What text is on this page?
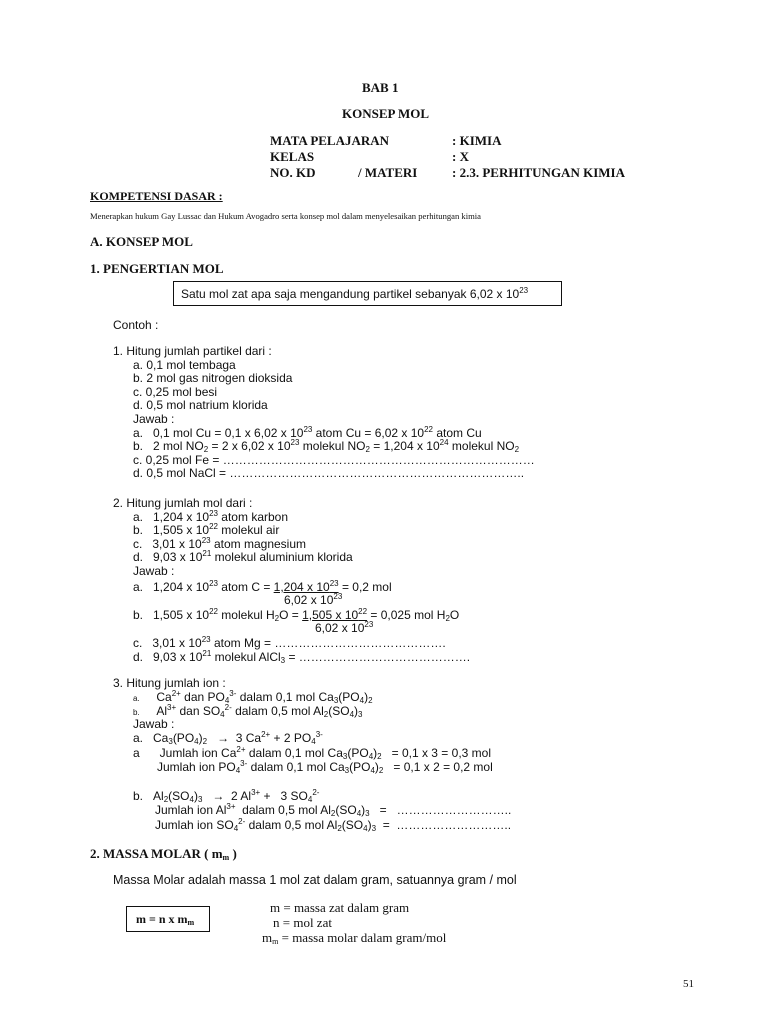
BAB 1
KONSEP MOL
MATA PELAJARAN	: KIMIA
KELAS	: X
NO. KD	/ MATERI	: 2.3. PERHITUNGAN KIMIA
KOMPETENSI DASAR :
Menerapkan hukum Gay Lussac dan Hukum Avogadro serta konsep mol dalam menyelesaikan perhitungan kimia
A. KONSEP MOL
1. PENGERTIAN MOL
Satu mol zat apa saja mengandung partikel sebanyak 6,02 x $10^{23}$
Contoh :
1. Hitung jumlah partikel dari :
a. 0,1 mol tembaga
b. 2 mol gas nitrogen dioksida
c. 0,25 mol besi
d. 0,5 mol natrium klorida
Jawab :
a.   0,1 mol Cu = 0,1 x 6,02 x $10^{23}$ atom Cu = 6,02 x $10^{22}$ atom Cu
b.   2 mol $NO_2 = 2$ x 6,02 x $10^{23}$ molekul $NO_2 = 1,204$ x $10^{24}$ molekul $NO_2$
c. 0,25 mol Fe = ……………………………………………………………………
d. 0,5 mol NaCl = ………………………………………………………………..
2. Hitung jumlah mol dari :
a.   1,204 x $10^{23}$ atom karbon
b.   1,505 x $10^{22}$ molekul air
c.   3,01 x $10^{23}$ atom magnesium
d.   9,03 x $10^{21}$ molekul aluminium klorida
Jawab :
a.   1,204 x $10^{23}$ atom C = 1,204 x $10^{23} = 0,2$ mol
6,02 x $10^{23}$
b.   1,505 x $10^{22}$ molekul $H_2O = 1,505$ x $10^{22} = 0,025$ mol $H_2O$
6,02 x $10^{23}$
c.   3,01 x $10^{23}$ atom Mg = …………………………………….
d.   9,03 x $10^{21}$ molekul AlCl$_3$ = …………………………………….
3. Hitung jumlah ion :
a.     $Ca^{2+}$ dan $PO_4^{3-}$ dalam 0,1 mol $Ca_3(PO_4)_2$
b.     $Al^{3+}$ dan $SO_4^{2-}$ dalam 0,5 mol $Al_2(SO_4)_3$
Jawab :
a.   $Ca_3(PO_4)_2 \to 3$ $Ca^{2+} + 2$ $PO_4^{3-}$
a      Jumlah ion $Ca^{2+}$ dalam 0,1 mol $Ca_3(PO_4)_2 = 0,1$ x 3 = 0,3 mol
Jumlah ion $PO_4^{3-}$ dalam 0,1 mol $Ca_3(PO_4)_2 = 0,1$ x 2 = 0,2 mol
b.   $Al_2(SO_4)_3 \to 2$ $Al^{3+} + 3$ $SO_4^{2-}$
Jumlah ion $Al^{3+}$  dalam 0,5 mol $Al_2(SO_4)_3$   =   ………………………..
Jumlah ion $SO_4^{2-}$ dalam 0,5 mol $Al_2(SO_4)_3$  =  ………………………..
2. MASSA MOLAR ( $m_m$ )
Massa Molar adalah massa 1 mol zat dalam gram, satuannya gram / mol
m = n x $m_m$
m = massa zat dalam gram
n = mol zat
$m_m$ = massa molar dalam gram/mol
51
